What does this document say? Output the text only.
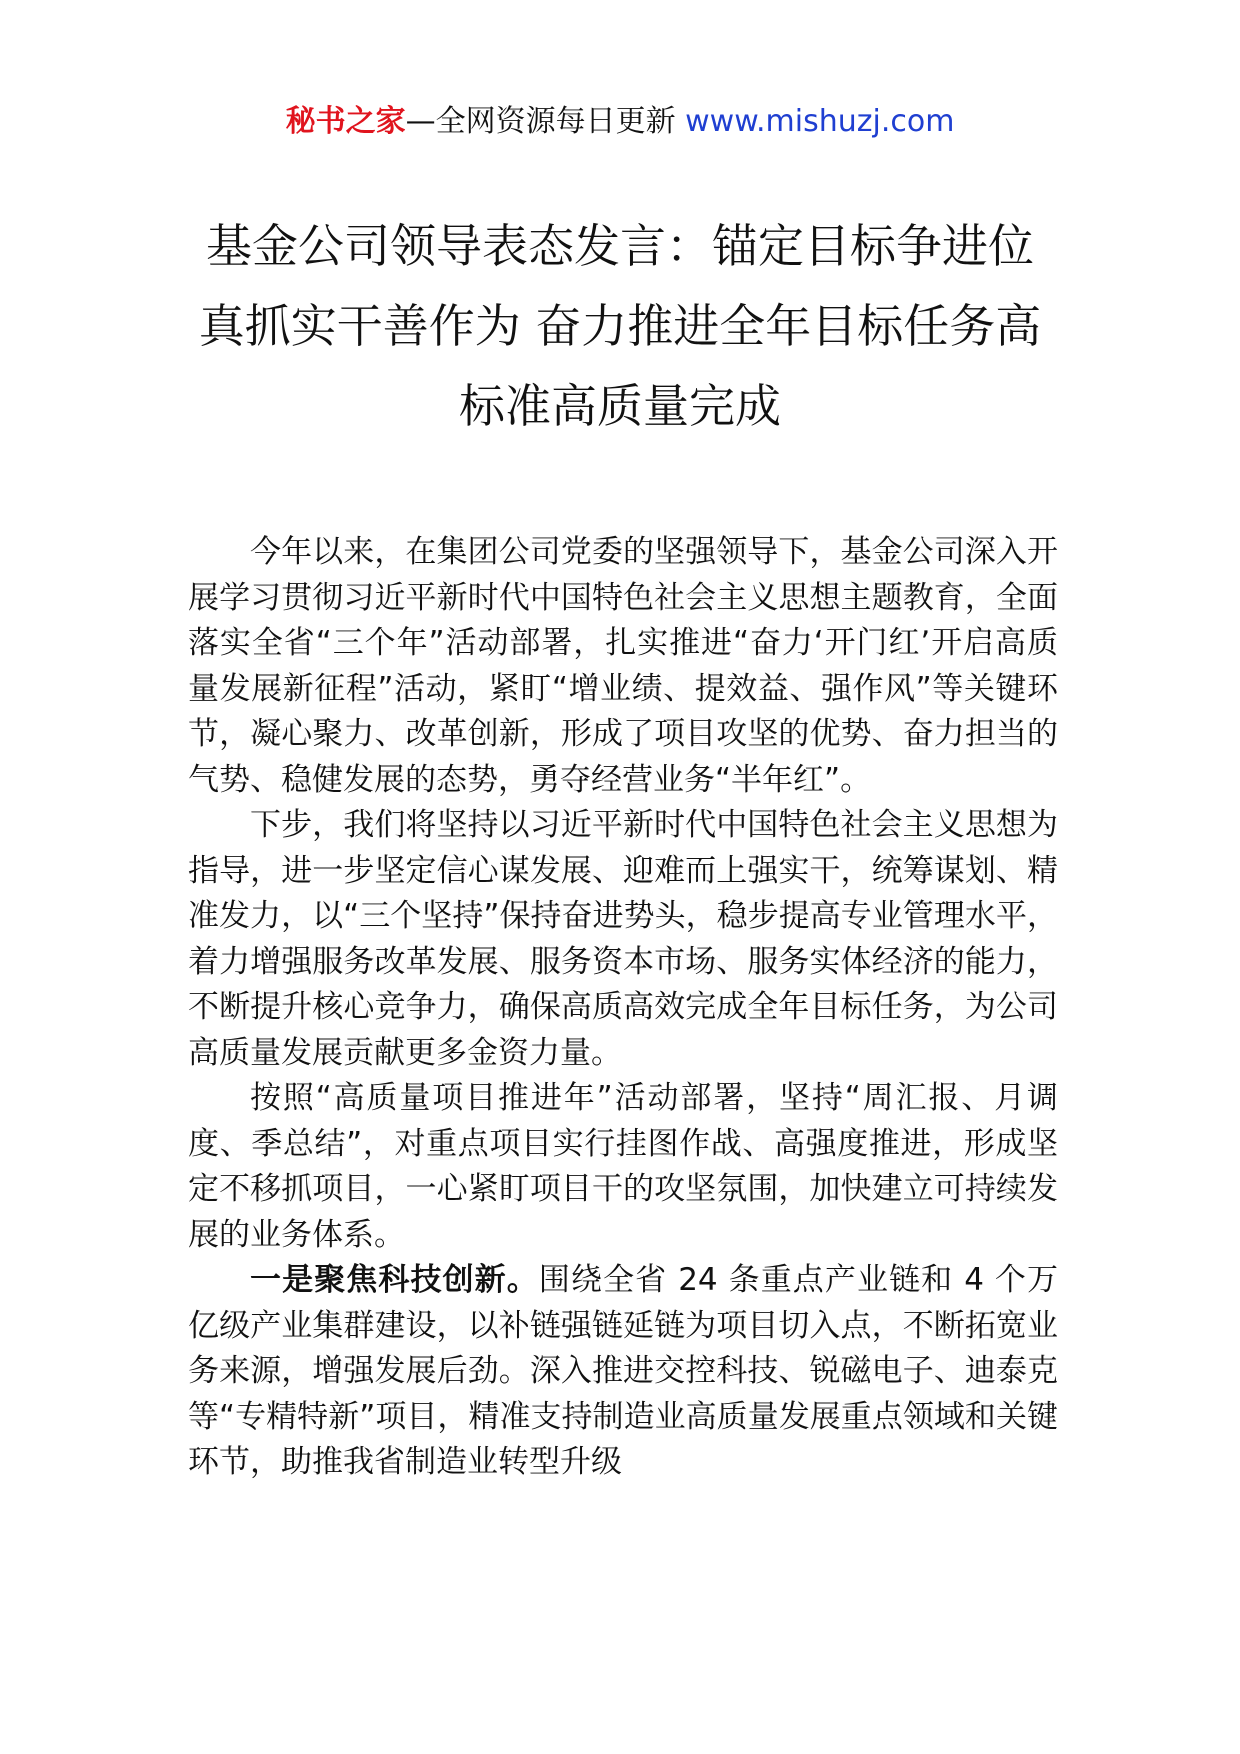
秘书之家—全网资源每日更新 www.mishuzj.com
基金公司领导表态发言：锚定目标争进位
真抓实干善作为 奋力推进全年目标任务高
标准高质量完成

今年以来，在集团公司党委的坚强领导下，基金公司深入开展学习贯彻习近平新时代中国特色社会主义思想主题教育，全面落实全省“三个年”活动部署，扎实推进“奋力‘开门红’开启高质量发展新征程”活动，紧盯“增业绩、提效益、强作风”等关键环节，凝心聚力、改革创新，形成了项目攻坚的优势、奋力担当的气势、稳健发展的态势，勇夺经营业务“半年红”。

下步，我们将坚持以习近平新时代中国特色社会主义思想为指导，进一步坚定信心谋发展、迎难而上强实干，统筹谋划、精准发力，以“三个坚持”保持奋进势头，稳步提高专业管理水平，着力增强服务改革发展、服务资本市场、服务实体经济的能力，不断提升核心竞争力，确保高质高效完成全年目标任务，为公司高质量发展贡献更多金资力量。

按照“高质量项目推进年”活动部署，坚持“周汇报、月调度、季总结”，对重点项目实行挂图作战、高强度推进，形成坚定不移抓项目，一心紧盯项目干的攻坚氛围，加快建立可持续发展的业务体系。

一是聚焦科技创新。围绕全省 24 条重点产业链和 4 个万亿级产业集群建设，以补链强链延链为项目切入点，不断拓宽业务来源，增强发展后劲。深入推进交控科技、锐磁电子、迪泰克等“专精特新”项目，精准支持制造业高质量发展重点领域和关键环节，助推我省制造业转型升级
